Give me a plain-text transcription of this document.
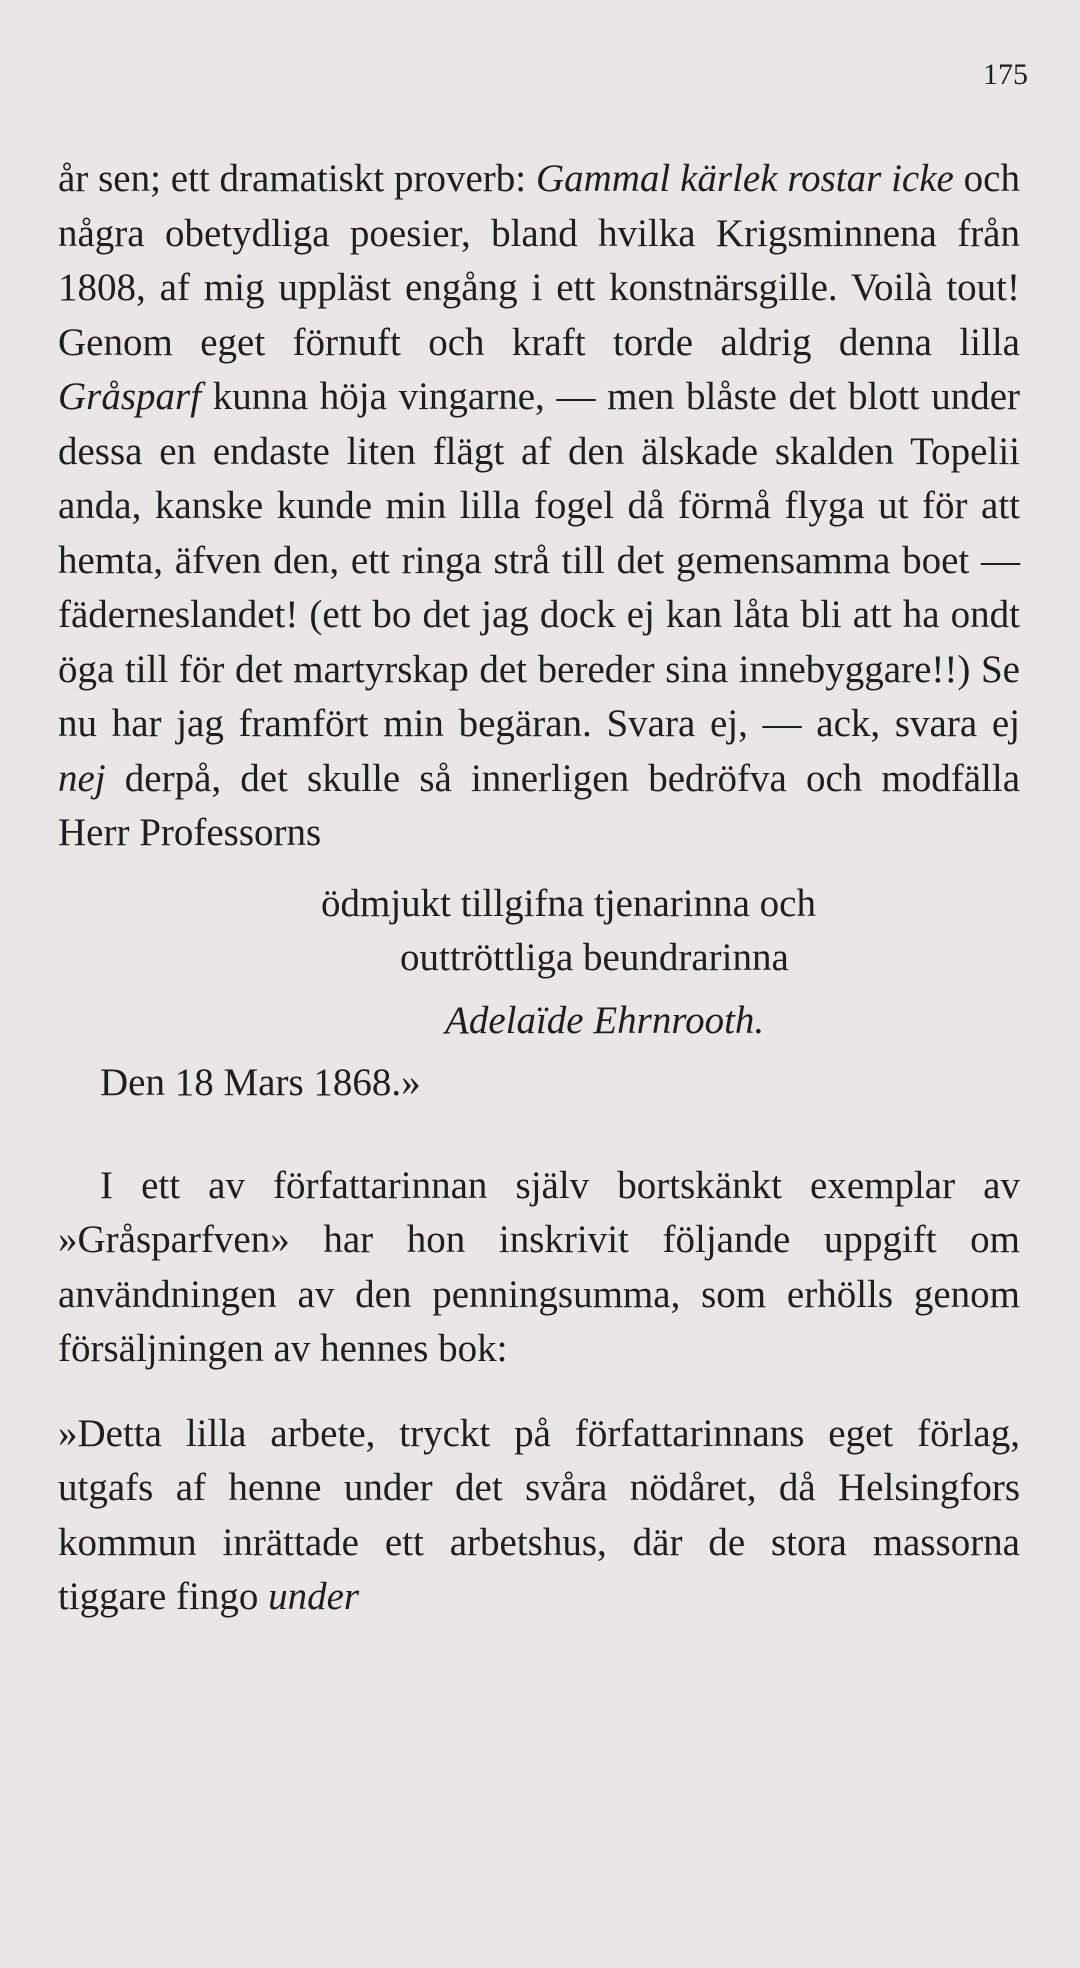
175

år sen; ett dramatiskt proverb: Gammal kärlek rostar icke och några obetydliga poesier, bland hvilka Krigsminnena från 1808, af mig uppläst engång i ett konstnärsgille. Voilà tout! Genom eget förnuft och kraft torde aldrig denna lilla Gråsparf kunna höja vingarne, — men blåste det blott under dessa en endaste liten flägt af den älskade skalden Topelii anda, kanske kunde min lilla fogel då förmå flyga ut för att hemta, äfven den, ett ringa strå till det gemensamma boet — fäderneslandet! (ett bo det jag dock ej kan låta bli att ha ondt öga till för det martyrskap det bereder sina innebyggare!!) Se nu har jag framfört min begäran. Svara ej, — ack, svara ej nej derpå, det skulle så innerligen bedröfva och modfälla Herr Professorns

ödmjukt tillgifna tjenarinna och
outtröttliga beundrarinna
Adelaïde Ehrnrooth.
Den 18 Mars 1868.»

I ett av författarinnan själv bortskänkt exemplar av »Gråsparfven» har hon inskrivit följande uppgift om användningen av den penningsumma, som erhölls genom försäljningen av hennes bok:

»Detta lilla arbete, tryckt på författarinnans eget förlag, utgafs af henne under det svåra nödåret, då Helsingfors kommun inrättade ett arbetshus, där de stora massorna tiggare fingo under
